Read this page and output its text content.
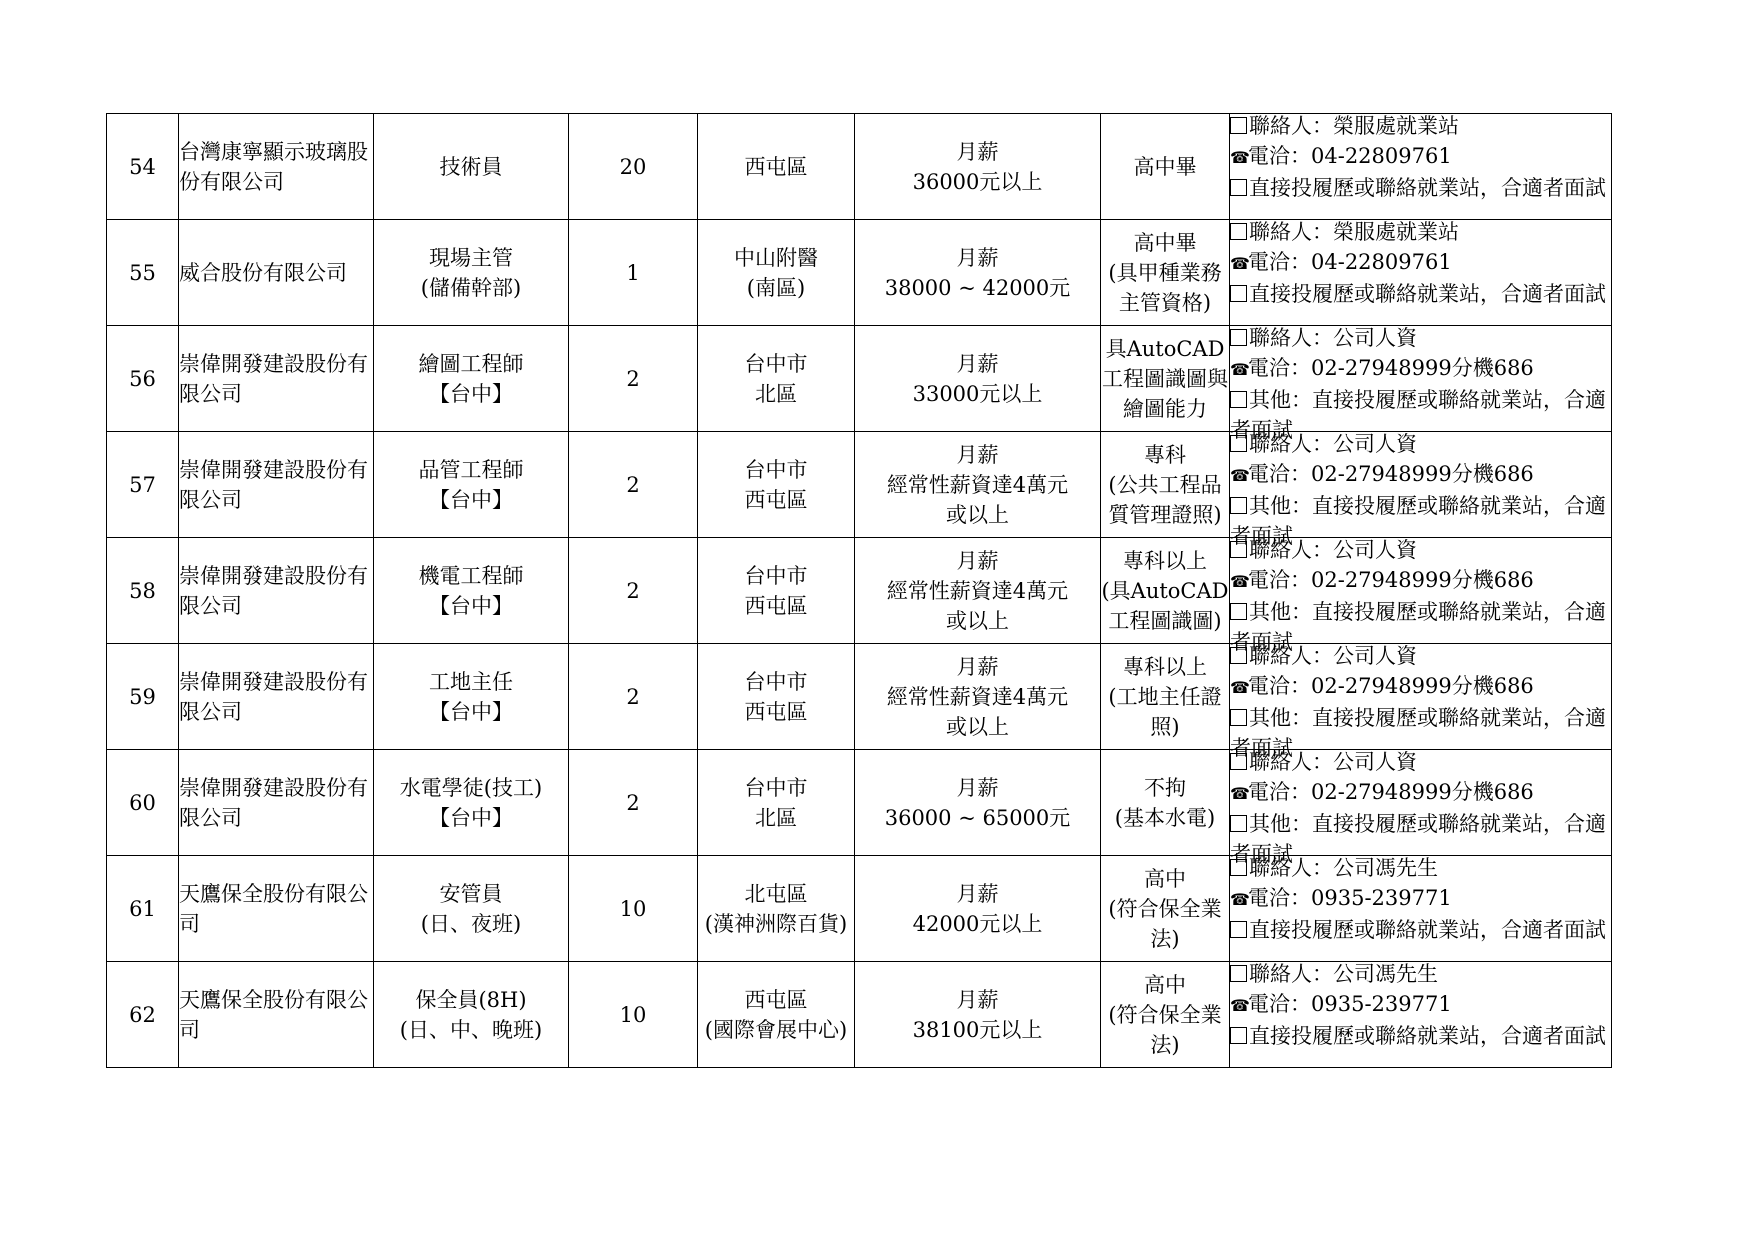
54	台灣康寧顯示玻璃股份有限公司	技術員	20	西屯區	月薪
36000元以上	高中畢	聯絡人：榮服處就業站
☎電洽：04-22809761
直接投履歷或聯絡就業站，合適者面試

55	威合股份有限公司	現場主管
(儲備幹部)	1	中山附醫
(南區)	月薪
38000 ~ 42000元	高中畢
(具甲種業務主管資格)	聯絡人：榮服處就業站
☎電洽：04-22809761
直接投履歷或聯絡就業站，合適者面試

56	崇偉開發建設股份有限公司	繪圖工程師
【台中】	2	台中市
北區	月薪
33000元以上	具AutoCAD工程圖識圖與繪圖能力	聯絡人：公司人資
☎電洽：02-27948999分機686
其他：直接投履歷或聯絡就業站，合適者面試

57	崇偉開發建設股份有限公司	品管工程師
【台中】	2	台中市
西屯區	月薪
經常性薪資達4萬元
或以上	專科
(公共工程品質管理證照)	聯絡人：公司人資
☎電洽：02-27948999分機686
其他：直接投履歷或聯絡就業站，合適者面試

58	崇偉開發建設股份有限公司	機電工程師
【台中】	2	台中市
西屯區	月薪
經常性薪資達4萬元
或以上	專科以上
(具AutoCAD工程圖識圖)	聯絡人：公司人資
☎電洽：02-27948999分機686
其他：直接投履歷或聯絡就業站，合適者面試

59	崇偉開發建設股份有限公司	工地主任
【台中】	2	台中市
西屯區	月薪
經常性薪資達4萬元
或以上	專科以上
(工地主任證照)	聯絡人：公司人資
☎電洽：02-27948999分機686
其他：直接投履歷或聯絡就業站，合適者面試

60	崇偉開發建設股份有限公司	水電學徒(技工)
【台中】	2	台中市
北區	月薪
36000 ~ 65000元	不拘
(基本水電)	聯絡人：公司人資
☎電洽：02-27948999分機686
其他：直接投履歷或聯絡就業站，合適者面試

61	天鷹保全股份有限公司	安管員
(日、夜班)	10	北屯區
(漢神洲際百貨)	月薪
42000元以上	高中
(符合保全業法)	聯絡人：公司馮先生
☎電洽：0935-239771
直接投履歷或聯絡就業站，合適者面試

62	天鷹保全股份有限公司	保全員(8H)
(日、中、晚班)	10	西屯區
(國際會展中心)	月薪
38100元以上	高中
(符合保全業法)	聯絡人：公司馮先生
☎電洽：0935-239771
直接投履歷或聯絡就業站，合適者面試
